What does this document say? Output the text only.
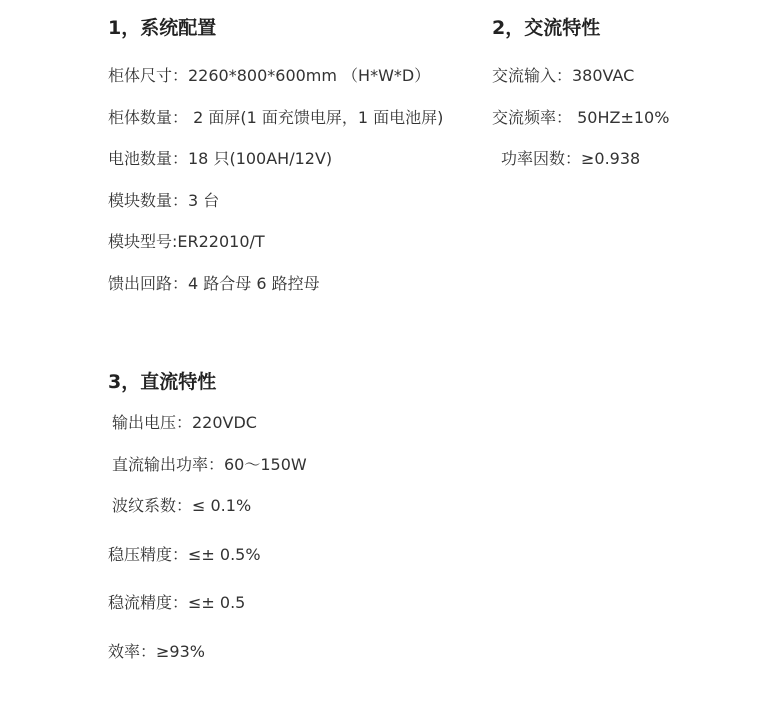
1，系统配置
柜体尺寸：2260*800*600mm （H*W*D）
柜体数量： 2 面屏(1 面充馈电屏，1 面电池屏)
电池数量：18 只(100AH/12V)
模块数量：3 台
模块型号:ER22010/T
馈出回路：4 路合母 6 路控母
2，交流特性
交流输入：380VAC
交流频率： 50HZ±10%
功率因数：≥0.938
3，直流特性
输出电压：220VDC
直流输出功率：60～150W
波纹系数：≤ 0.1%
稳压精度：≤± 0.5%
稳流精度：≤± 0.5
效率：≥93%
